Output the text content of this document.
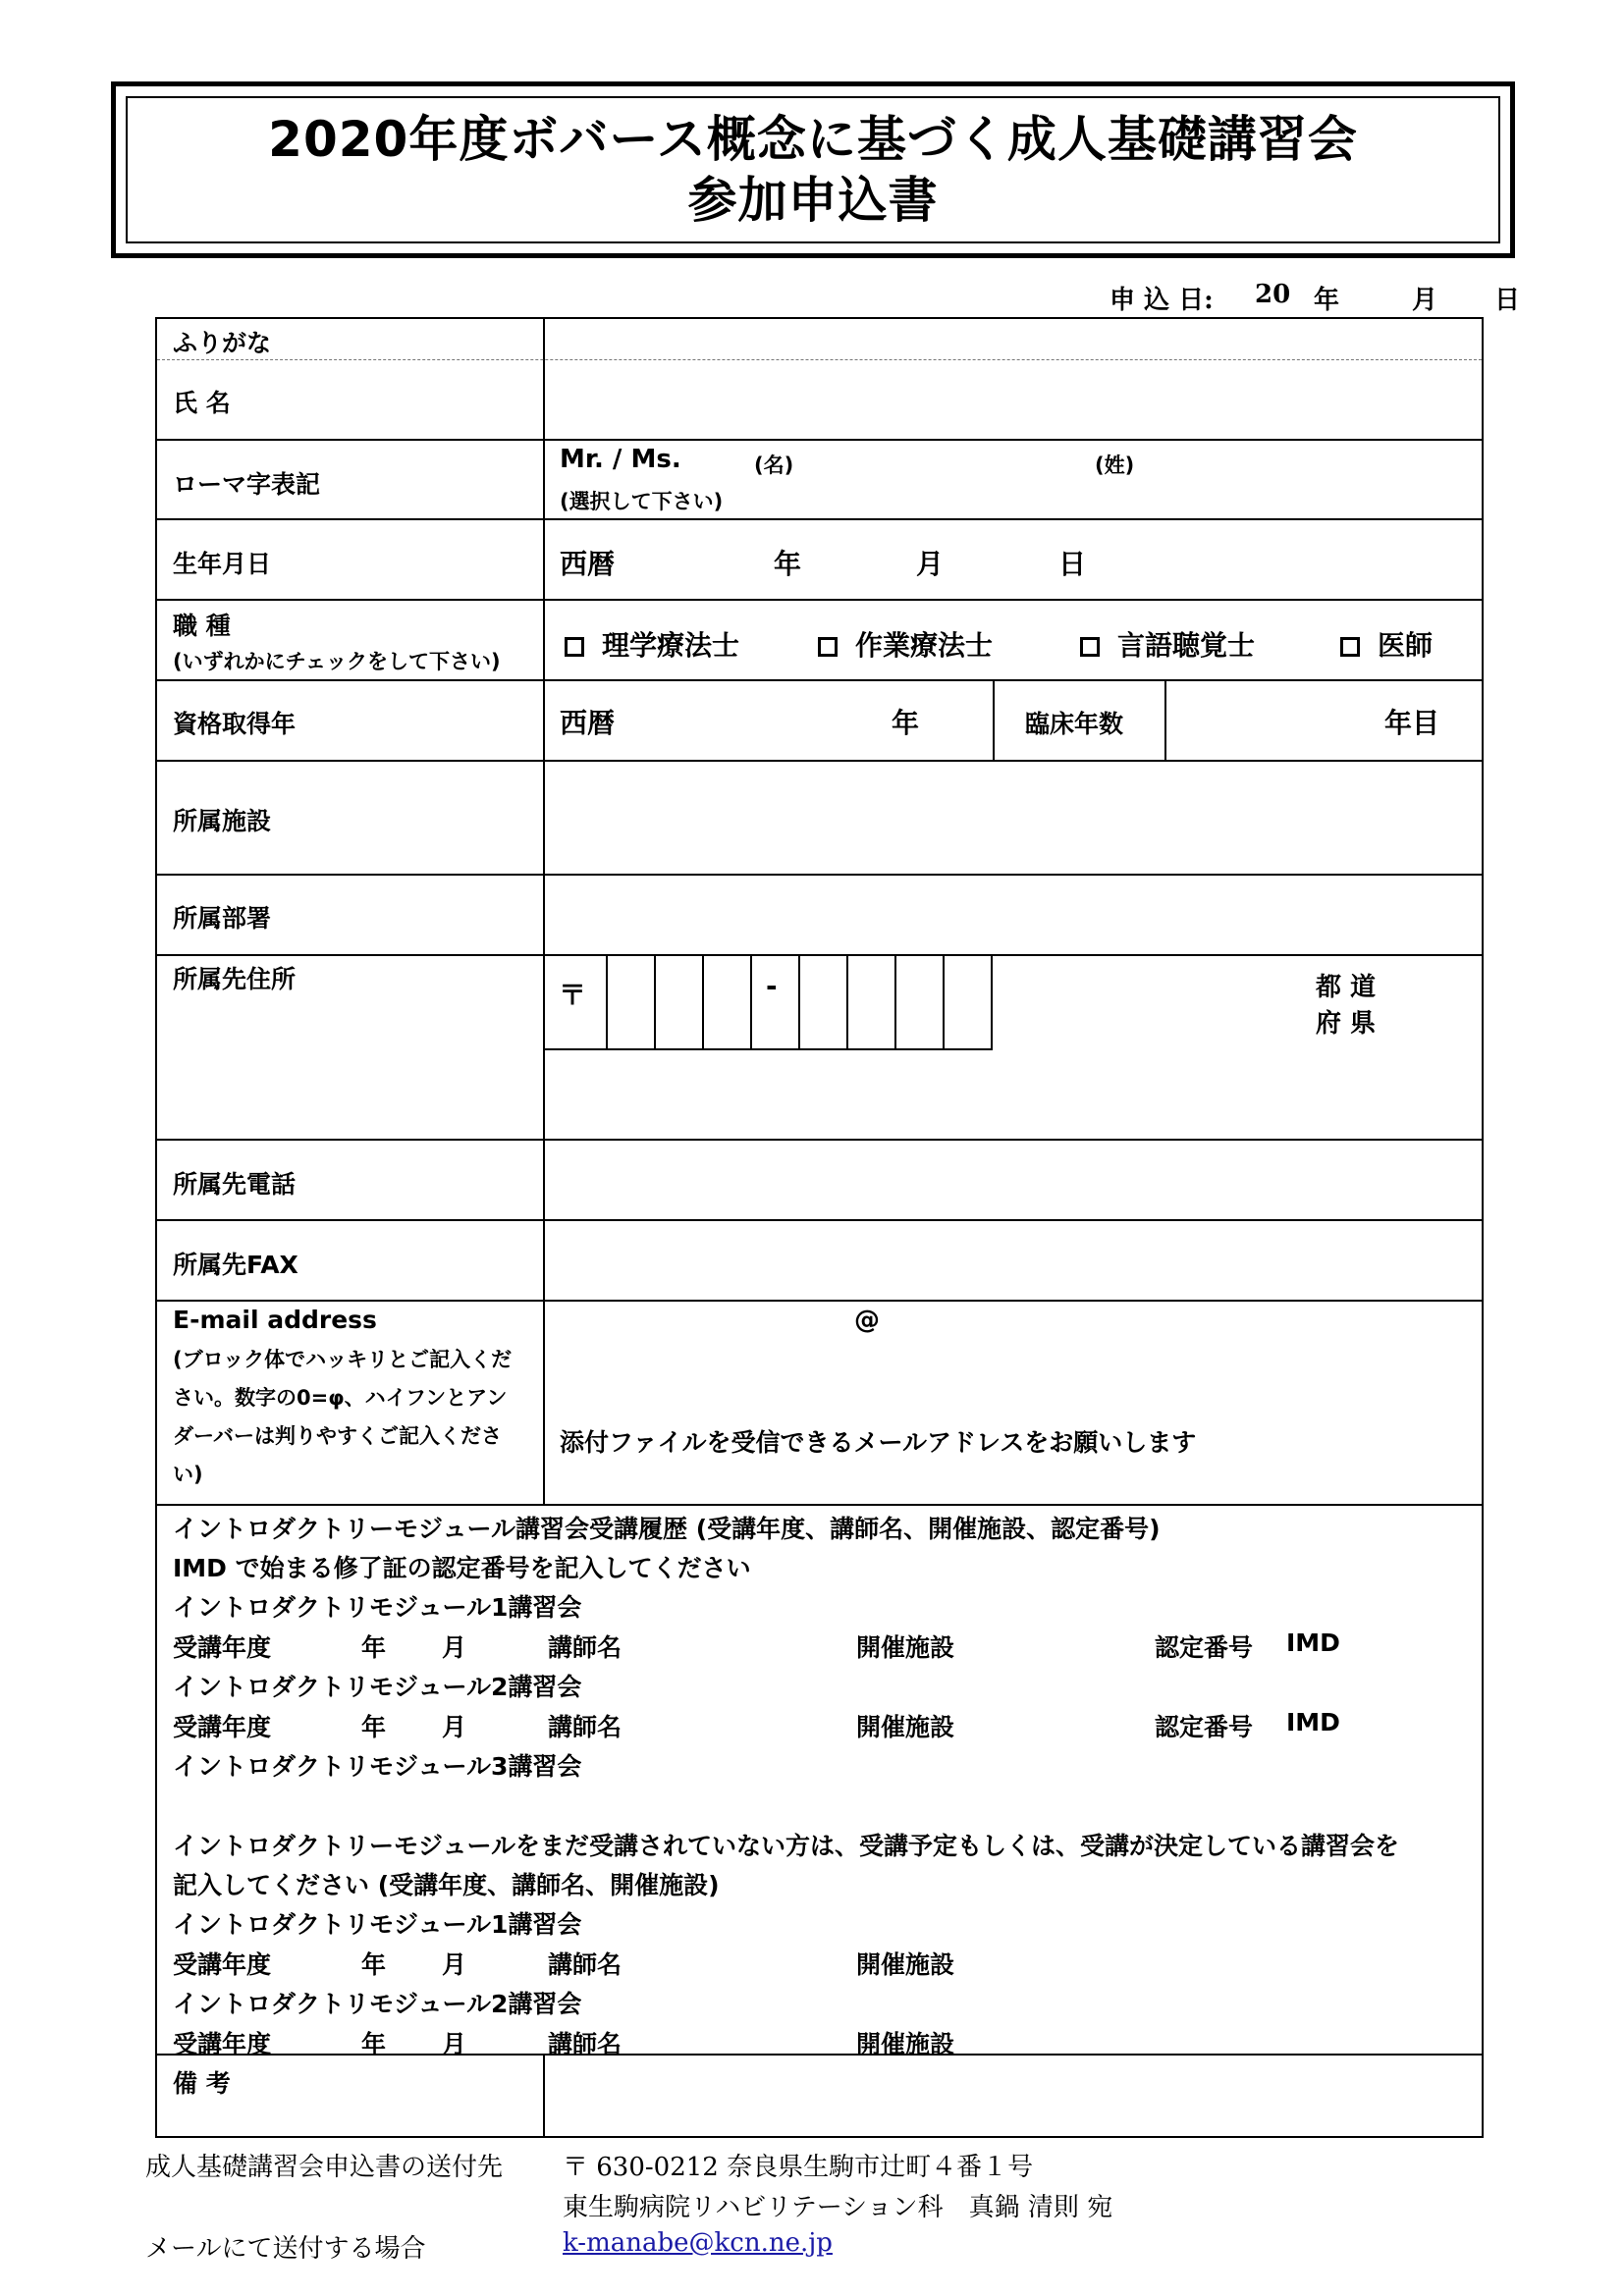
2020年度ボバース概念に基づく成人基礎講習会
参加申込書
申 込 日: 20 年	月 日
ふりがな
氏 名
ローマ字表記
Mr. / Ms.	(名)	(姓)
(選択して下さい)
生年月日	西暦	年	月	日
職 種
(いずれかにチェックをして下さい)	理学療法士	作業療法士	言語聴覚士	医師
資格取得年	西暦	年	臨床年数	年目
所属施設
所属部署
所属先住所	〒	-	都 道
府 県
所属先電話
所属先FAX
E-mail address
(ブロック体でハッキリとご記入くだ
さい。数字の0=φ、ハイフンとアン
ダーバーは判りやすくご記入くださ
い)
@
添付ファイルを受信できるメールアドレスをお願いします
イントロダクトリーモジュール講習会受講履歴 (受講年度、講師名、開催施設、認定番号)
IMD で始まる修了証の認定番号を記入してください
イントロダクトリモジュール1講習会
受講年度	年 月	講師名	開催施設	認定番号 IMD
イントロダクトリモジュール2講習会
受講年度	年 月	講師名	開催施設	認定番号 IMD
イントロダクトリモジュール3講習会
イントロダクトリーモジュールをまだ受講されていない方は、受講予定もしくは、受講が決定している講習会を
記入してください (受講年度、講師名、開催施設)
イントロダクトリモジュール1講習会
受講年度	年 月	講師名	開催施設
イントロダクトリモジュール2講習会
受講年度	年 月	講師名	開催施設
備 考
成人基礎講習会申込書の送付先 〒 630-0212 奈良県生駒市辻町４番１号
東生駒病院リハビリテーション科　真鍋 清則 宛
メールにて送付する場合	k-manabe@kcn.ne.jp
